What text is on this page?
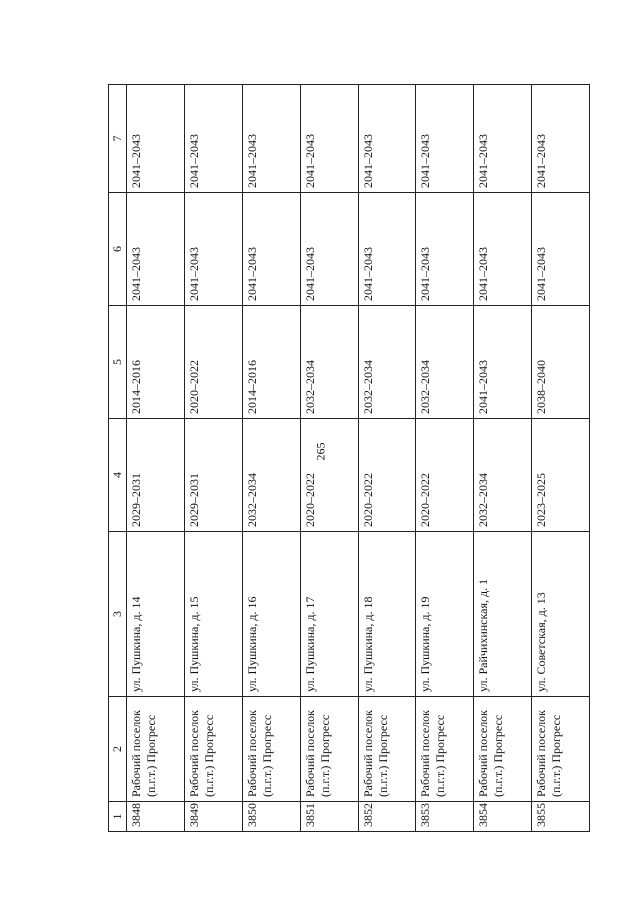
265
1	2	3	4	5	6	7
3848	Рабочий поселок (п.г.т.) Прогресс	ул. Пушкина, д. 14	2029–2031	2014–2016	2041–2043	2041–2043
3849	Рабочий поселок (п.г.т.) Прогресс	ул. Пушкина, д. 15	2029–2031	2020–2022	2041–2043	2041–2043
3850	Рабочий поселок (п.г.т.) Прогресс	ул. Пушкина, д. 16	2032–2034	2014–2016	2041–2043	2041–2043
3851	Рабочий поселок (п.г.т.) Прогресс	ул. Пушкина, д. 17	2020–2022	2032–2034	2041–2043	2041–2043
3852	Рабочий поселок (п.г.т.) Прогресс	ул. Пушкина, д. 18	2020–2022	2032–2034	2041–2043	2041–2043
3853	Рабочий поселок (п.г.т.) Прогресс	ул. Пушкина, д. 19	2020–2022	2032–2034	2041–2043	2041–2043
3854	Рабочий поселок (п.г.т.) Прогресс	ул. Райчихинская, д. 1	2032–2034	2041–2043	2041–2043	2041–2043
3855	Рабочий поселок (п.г.т.) Прогресс	ул. Советская, д. 13	2023–2025	2038–2040	2041–2043	2041–2043
